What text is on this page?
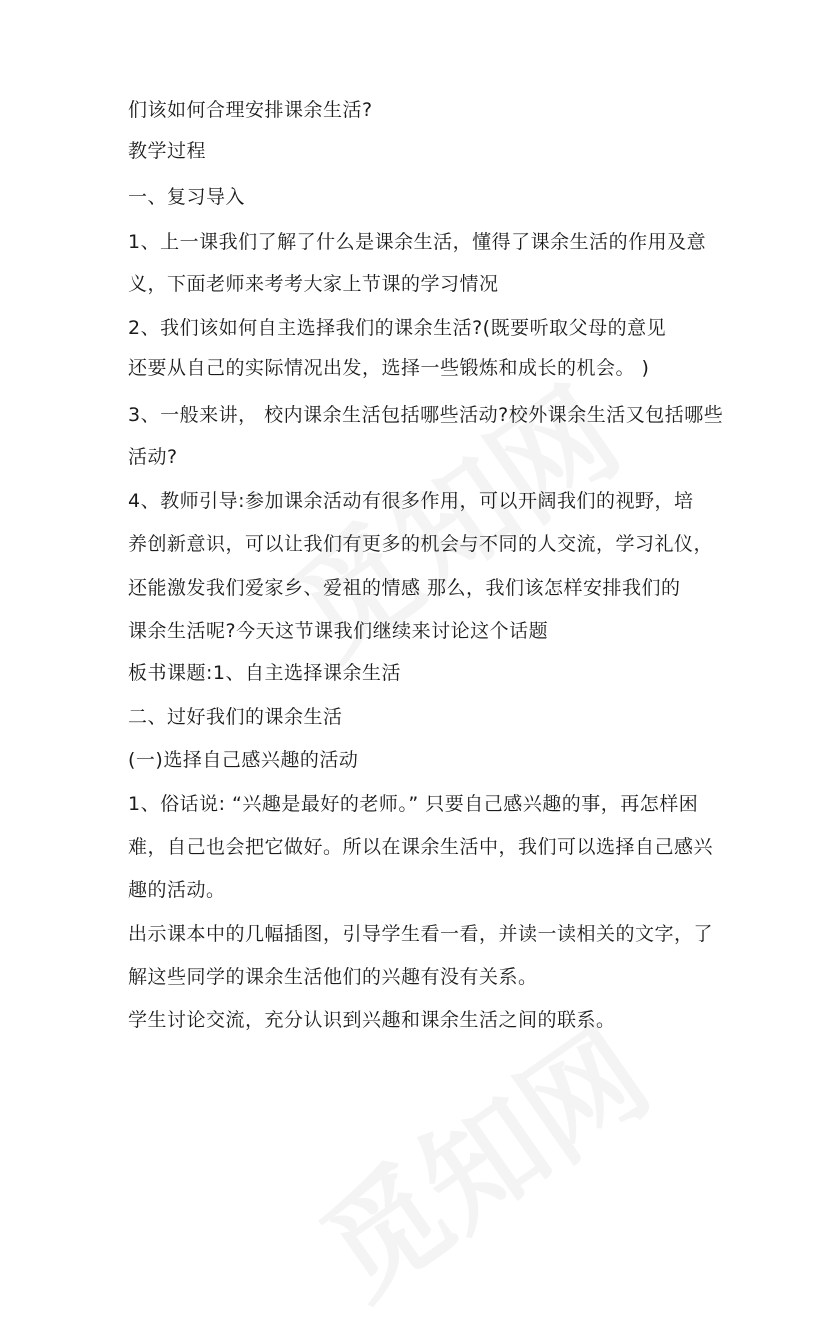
们该如何合理安排课余生活?
教学过程
一、复习导入
1、上一课我们了解了什么是课余生活，懂得了课余生活的作用及意
义，下面老师来考考大家上节课的学习情况
2、我们该如何自主选择我们的课余生活?(既要听取父母的意见
还要从自己的实际情况出发，选择一些锻炼和成长的机会。 )
3、一般来讲， 校内课余生活包括哪些活动?校外课余生活又包括哪些
活动?
4、教师引导:参加课余活动有很多作用，可以开阔我们的视野，培
养创新意识，可以让我们有更多的机会与不同的人交流，学习礼仪，
还能激发我们爱家乡、爱祖的情感 那么，我们该怎样安排我们的
课余生活呢?今天这节课我们继续来讨论这个话题
板书课题:1、自主选择课余生活
二、过好我们的课余生活
(一)选择自己感兴趣的活动
1、俗话说: “兴趣是最好的老师。” 只要自己感兴趣的事，再怎样困
难，自己也会把它做好。所以在课余生活中，我们可以选择自己感兴
趣的活动。
出示课本中的几幅插图，引导学生看一看，并读一读相关的文字，了
解这些同学的课余生活他们的兴趣有没有关系。
学生讨论交流，充分认识到兴趣和课余生活之间的联系。
